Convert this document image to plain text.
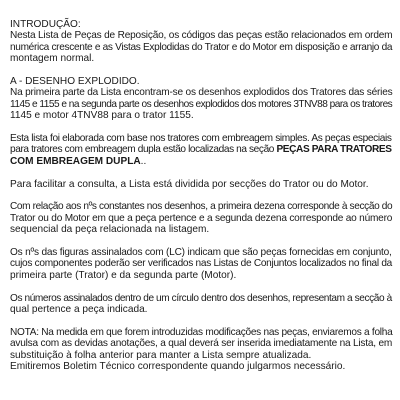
INTRODUÇÃO:
Nesta Lista de Peças de Reposição, os códigos das peças estão relacionados em ordem
numérica crescente e as Vistas Explodidas do Trator e do Motor em disposição e arranjo da
montagem normal.
A - DESENHO EXPLODIDO.
Na primeira parte da Lista encontram-se os desenhos explodidos dos Tratores das séries
1145 e 1155 e na segunda parte os desenhos explodidos dos motores 3TNV88 para os tratores
1145 e motor 4TNV88 para o trator 1155.
Esta lista foi elaborada com base nos tratores com embreagem simples. As peças especiais
para tratores com embreagem dupla estão localizadas na seção PEÇAS PARA TRATORES
COM EMBREAGEM DUPLA..
Para facilitar a consulta, a Lista está dividida por secções do Trator ou do Motor.
Com relação aos nºs constantes nos desenhos, a primeira dezena corresponde à secção do
Trator ou do Motor em que a peça pertence e a segunda dezena corresponde ao número
sequencial da peça relacionada na listagem.
Os nºs das figuras assinalados com (LC) indicam que são peças fornecidas em conjunto,
cujos componentes poderão ser verificados nas Listas de Conjuntos localizados no final da
primeira parte (Trator) e da segunda parte (Motor).
Os números assinalados dentro de um círculo dentro dos desenhos, representam a secção à
qual pertence a peça indicada.
NOTA: Na medida em que forem introduzidas modificações nas peças, enviaremos a folha
avulsa com as devidas anotações, a qual deverá ser inserida imediatamente na Lista, em
substituição à folha anterior para manter a Lista sempre atualizada.
Emitiremos Boletim Técnico correspondente quando julgarmos necessário.
